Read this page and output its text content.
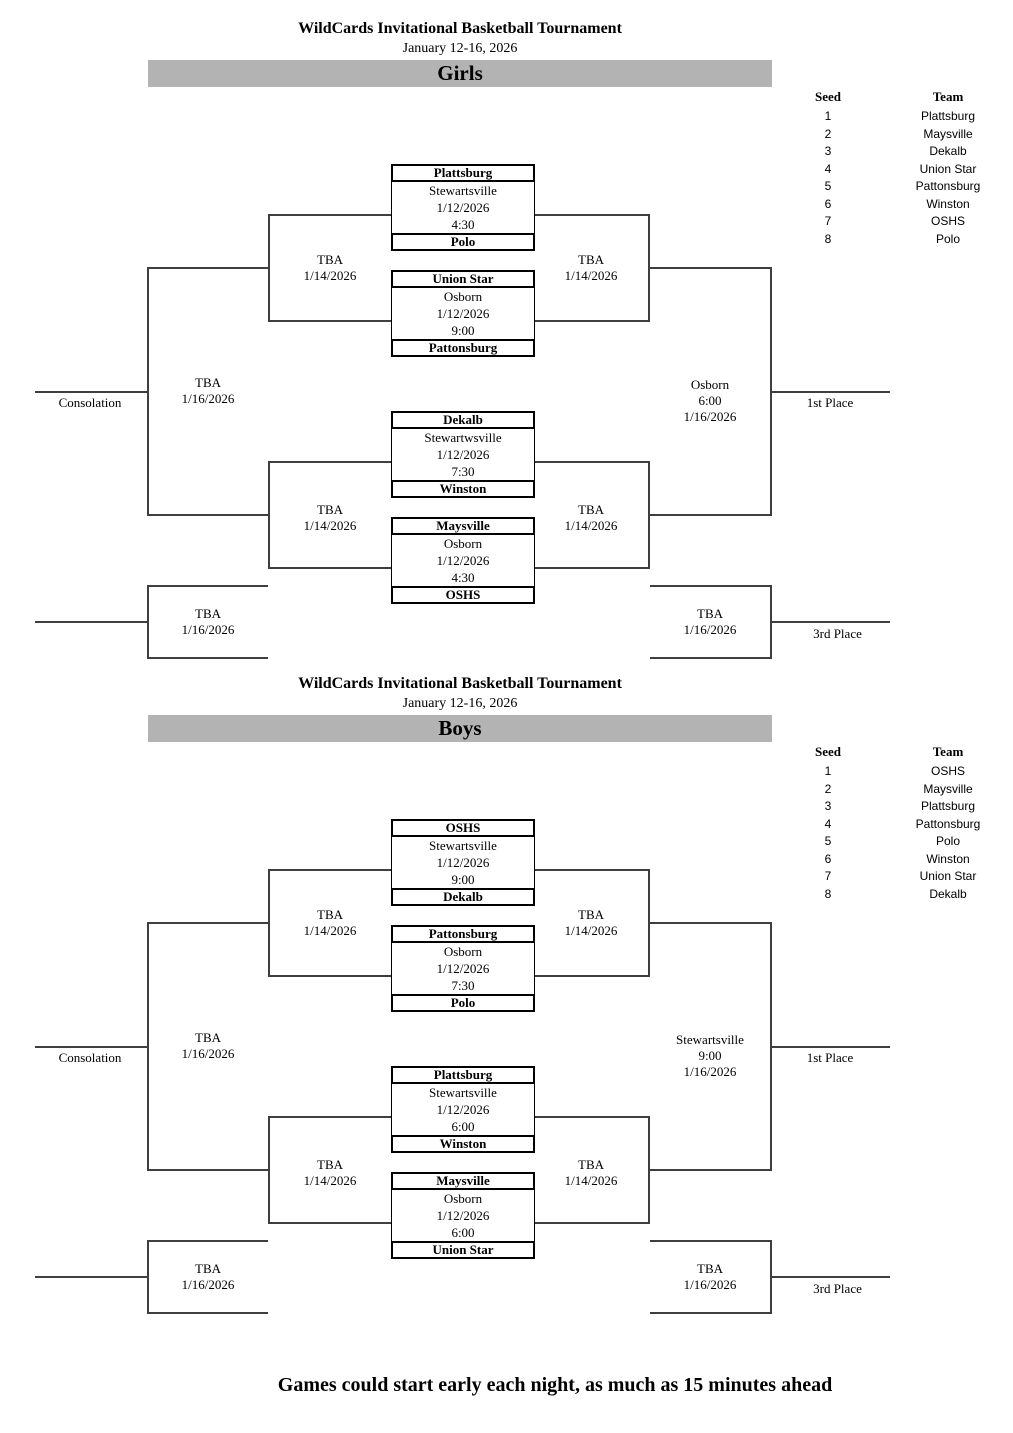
WildCards Invitational Basketball Tournament
January 12-16, 2026
Girls
Seed	Team
1	Plattsburg
2	Maysville
3	Dekalb
4	Union Star
5	Pattonsburg
6	Winston
7	OSHS
8	Polo
Plattsburg
Stewartsville
1/12/2026
4:30
Polo
Union Star
Osborn
1/12/2026
9:00
Pattonsburg
Dekalb
Stewartwsville
1/12/2026
7:30
Winston
Maysville
Osborn
1/12/2026
4:30
OSHS
TBA
1/14/2026
TBA
1/14/2026
TBA
1/14/2026
TBA
1/14/2026
TBA
1/16/2026
Consolation
Osborn
6:00
1/16/2026
1st Place
TBA
1/16/2026
TBA
1/16/2026	3rd Place
WildCards Invitational Basketball Tournament
January 12-16, 2026
Boys
Seed	Team
1	OSHS
2	Maysville
3	Plattsburg
4	Pattonsburg
5	Polo
6	Winston
7	Union Star
8	Dekalb
OSHS
Stewartsville
1/12/2026
9:00
Dekalb
Pattonsburg
Osborn
1/12/2026
7:30
Polo
Plattsburg
Stewartsville
1/12/2026
6:00
Winston
Maysville
Osborn
1/12/2026
6:00
Union Star
TBA
1/14/2026
TBA
1/14/2026
TBA
1/14/2026
TBA
1/14/2026
TBA
1/16/2026
Consolation
Stewartsville
9:00
1/16/2026
1st Place
TBA
1/16/2026
TBA
1/16/2026	3rd Place
Games could start early each night, as much as 15 minutes ahead
